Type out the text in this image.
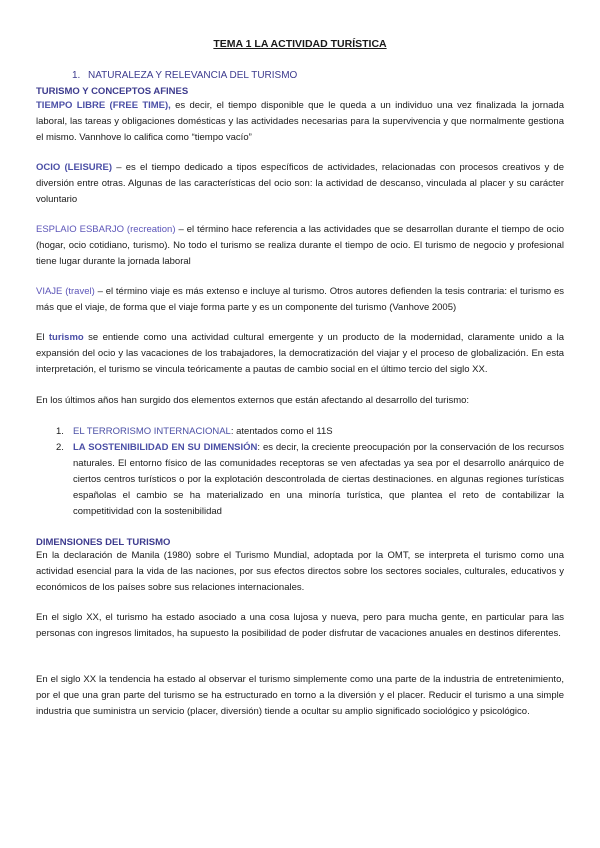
TEMA 1 LA ACTIVIDAD TURÍSTICA
1. NATURALEZA Y RELEVANCIA DEL TURISMO
TURISMO Y CONCEPTOS AFINES

TIEMPO LIBRE (FREE TIME), es decir, el tiempo disponible que le queda a un individuo una vez finalizada la jornada laboral, las tareas y obligaciones domésticas y las actividades necesarias para la supervivencia y que normalmente gestiona el mismo. Vannhove lo califica como “tiempo vacío”

OCIO (LEISURE) – es el tiempo dedicado a tipos específicos de actividades, relacionadas con procesos creativos y de diversión entre otras. Algunas de las características del ocio son: la actividad de descanso, vinculada al placer y su carácter voluntario

ESPLAIO ESBARJO (recreation) – el término hace referencia a las actividades que se desarrollan durante el tiempo de ocio (hogar, ocio cotidiano, turismo). No todo el turismo se realiza durante el tiempo de ocio. El turismo de negocio y profesional tiene lugar durante la jornada laboral

VIAJE (travel) – el término viaje es más extenso e incluye al turismo. Otros autores defienden la tesis contraria: el turismo es más que el viaje, de forma que el viaje forma parte y es un componente del turismo (Vanhove 2005)

El turismo se entiende como una actividad cultural emergente y un producto de la modernidad, claramente unido a la expansión del ocio y las vacaciones de los trabajadores, la democratización del viajar y el proceso de globalización. En esta interpretación, el turismo se vincula teóricamente a pautas de cambio social en el último tercio del siglo XX.

En los últimos años han surgido dos elementos externos que están afectando al desarrollo del turismo:

1. EL TERRORISMO INTERNACIONAL: atentados como el 11S
2. LA SOSTENIBILIDAD EN SU DIMENSIÓN: es decir, la creciente preocupación por la conservación de los recursos naturales. El entorno físico de las comunidades receptoras se ven afectadas ya sea por el desarrollo anárquico de ciertos centros turísticos o por la explotación descontrolada de ciertas destinaciones. en algunas regiones turísticas españolas el cambio se ha materializado en una minoría turística, que plantea el reto de contabilizar la competitividad con la sostenibilidad
DIMENSIONES DEL TURISMO

En la declaración de Manila (1980) sobre el Turismo Mundial, adoptada por la OMT, se interpreta el turismo como una actividad esencial para la vida de las naciones, por sus efectos directos sobre los sectores sociales, culturales, educativos y económicos de los países sobre sus relaciones internacionales.

En el siglo XX, el turismo ha estado asociado a una cosa lujosa y nueva, pero para mucha gente, en particular para las personas con ingresos limitados, ha supuesto la posibilidad de poder disfrutar de vacaciones anuales en destinos diferentes.

En el siglo XX la tendencia ha estado al observar el turismo simplemente como una parte de la industria de entretenimiento, por el que una gran parte del turismo se ha estructurado en torno a la diversión y el placer. Reducir el turismo a una simple industria que suministra un servicio (placer, diversión) tiende a ocultar su amplio significado sociológico y psicológico.
